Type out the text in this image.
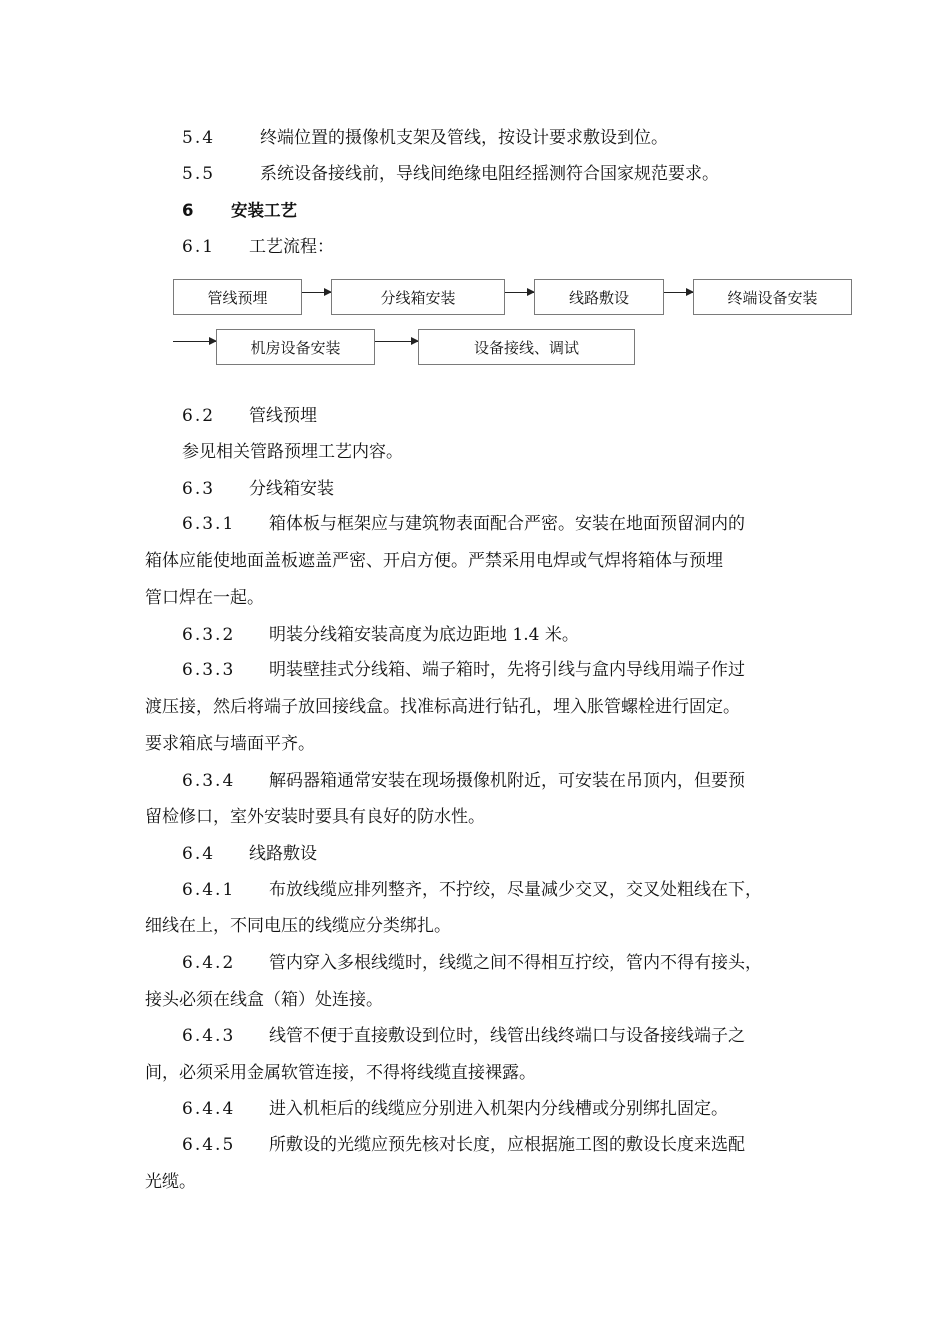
5.4	终端位置的摄像机支架及管线，按设计要求敷设到位。
5.5	系统设备接线前，导线间绝缘电阻经摇测符合国家规范要求。
6 安装工艺
6.1 工艺流程：
管线预埋	分线箱安装	线路敷设	终端设备安装
机房设备安装	设备接线、调试
6.2 管线预埋
参见相关管路预埋工艺内容。
6.3 分线箱安装
6.3.1 箱体板与框架应与建筑物表面配合严密。安装在地面预留洞内的
箱体应能使地面盖板遮盖严密、开启方便。严禁采用电焊或气焊将箱体与预埋
管口焊在一起。
6.3.2 明装分线箱安装高度为底边距地 1.4 米。
6.3.3 明装壁挂式分线箱、端子箱时，先将引线与盒内导线用端子作过
渡压接，然后将端子放回接线盒。找准标高进行钻孔，埋入胀管螺栓进行固定。
要求箱底与墙面平齐。
6.3.4 解码器箱通常安装在现场摄像机附近，可安装在吊顶内，但要预
留检修口，室外安装时要具有良好的防水性。
6.4 线路敷设
6.4.1 布放线缆应排列整齐，不拧绞，尽量减少交叉，交叉处粗线在下，
细线在上，不同电压的线缆应分类绑扎。
6.4.2 管内穿入多根线缆时，线缆之间不得相互拧绞，管内不得有接头，
接头必须在线盒（箱）处连接。
6.4.3 线管不便于直接敷设到位时，线管出线终端口与设备接线端子之
间，必须采用金属软管连接，不得将线缆直接裸露。
6.4.4 进入机柜后的线缆应分别进入机架内分线槽或分别绑扎固定。
6.4.5 所敷设的光缆应预先核对长度，应根据施工图的敷设长度来选配
光缆。
